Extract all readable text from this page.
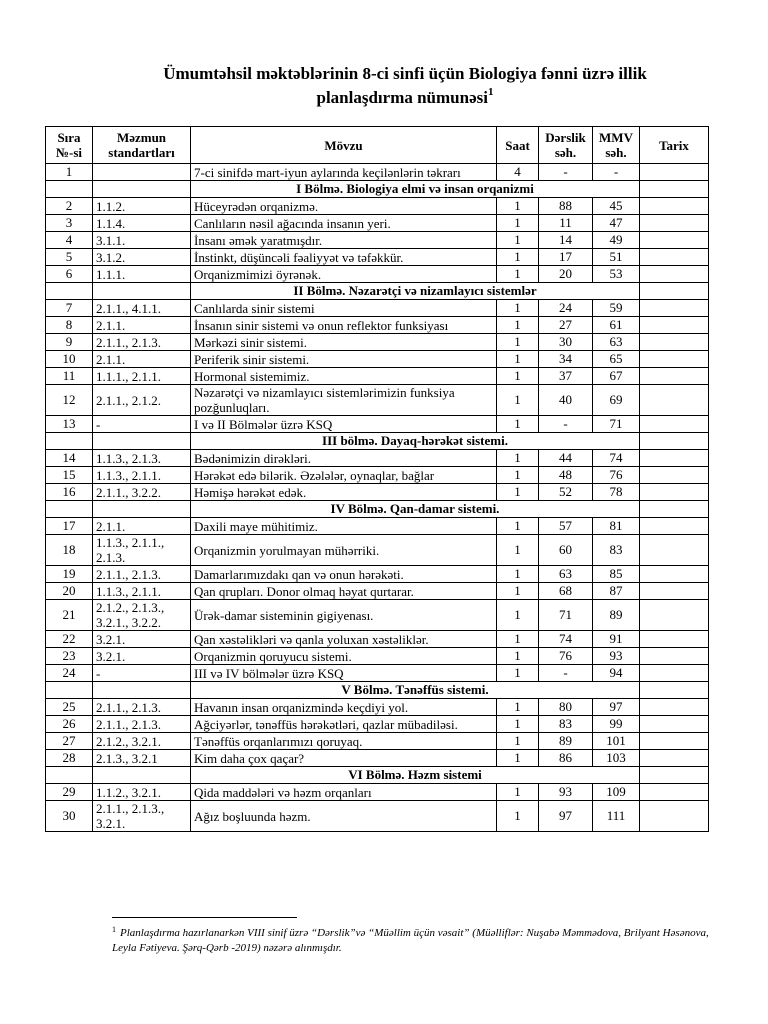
Ümumtəhsil məktəblərinin 8-ci sinfi üçün Biologiya fənni üzrə illik
planlaşdırma nümunəsi$^1$
Sıra №-si	Məzmun standartları	Mövzu	Saat	Dərslik səh.	MMV səh.	Tarix
1		7-ci sinifdə mart-iyun aylarında keçilənlərin təkrarı	4	-	-	
		I Bölmə. Biologiya elmi və insan orqanizmi				
2	1.1.2.	Hüceyrədən orqanizmə.	1	88	45	
3	1.1.4.	Canlıların nəsil ağacında insanın yeri.	1	11	47	
4	3.1.1.	İnsanı əmək yaratmışdır.	1	14	49	
5	3.1.2.	İnstinkt, düşüncəli fəaliyyət və təfəkkür.	1	17	51	
6	1.1.1.	Orqanizmimizi öyrənək.	1	20	53	
		II Bölmə. Nəzarətçi və nizamlayıcı sistemlər				
7	2.1.1., 4.1.1.	Canlılarda sinir sistemi	1	24	59	
8	2.1.1.	İnsanın sinir sistemi və onun reflektor funksiyası	1	27	61	
9	2.1.1., 2.1.3.	Mərkəzi sinir sistemi.	1	30	63	
10	2.1.1.	Periferik sinir sistemi.	1	34	65	
11	1.1.1., 2.1.1.	Hormonal sistemimiz.	1	37	67	
12	2.1.1., 2.1.2.	Nəzarətçi və nizamlayıcı sistemlərimizin funksiya pozğunluqları.	1	40	69	
13	-	I və II Bölmələr üzrə KSQ	1	-	71	
		III bölmə. Dayaq-hərəkət sistemi.				
14	1.1.3., 2.1.3.	Bədənimizin dirəkləri.	1	44	74	
15	1.1.3., 2.1.1.	Hərəkət edə bilərik. Əzələlər, oynaqlar, bağlar	1	48	76	
16	2.1.1., 3.2.2.	Həmişə hərəkət edək.	1	52	78	
		IV Bölmə. Qan-damar sistemi.				
17	2.1.1.	Daxili maye mühitimiz.	1	57	81	
18	1.1.3., 2.1.1., 2.1.3.	Orqanizmin yorulmayan mühərriki.	1	60	83	
19	2.1.1., 2.1.3.	Damarlarımızdakı qan və onun hərəkəti.	1	63	85	
20	1.1.3., 2.1.1.	Qan qrupları. Donor olmaq həyat qurtarar.	1	68	87	
21	2.1.2., 2.1.3., 3.2.1., 3.2.2.	Ürək-damar sisteminin gigiyenası.	1	71	89	
22	3.2.1.	Qan xəstəlikləri və qanla yoluxan xəstəliklər.	1	74	91	
23	3.2.1.	Orqanizmin qoruyucu sistemi.	1	76	93	
24	-	III və IV bölmələr üzrə KSQ	1	-	94	
		V Bölmə. Tənəffüs sistemi.				
25	2.1.1., 2.1.3.	Havanın insan orqanizmində keçdiyi yol.	1	80	97	
26	2.1.1., 2.1.3.	Ağciyərlər, tənəffüs hərəkətləri, qazlar mübadiləsi.	1	83	99	
27	2.1.2., 3.2.1.	Tənəffüs orqanlarımızı qoruyaq.	1	89	101	
28	2.1.3., 3.2.1	Kim daha çox qaçar?	1	86	103	
		VI Bölmə. Həzm sistemi				
29	1.1.2., 3.2.1.	Qida maddələri və həzm orqanları	1	93	109	
30	2.1.1., 2.1.3., 3.2.1.	Ağız boşluunda həzm.	1	97	111	
$^1$ Planlaşdırma hazırlanarkən VIII sinif üzrə “Dərslik”və “Müəllim üçün vəsait” (Müəlliflər: Nuşabə Məmmədova, Brilyant Həsənova, Leyla Fətiyeva. Şərq-Qərb -2019) nəzərə alınmışdır.
